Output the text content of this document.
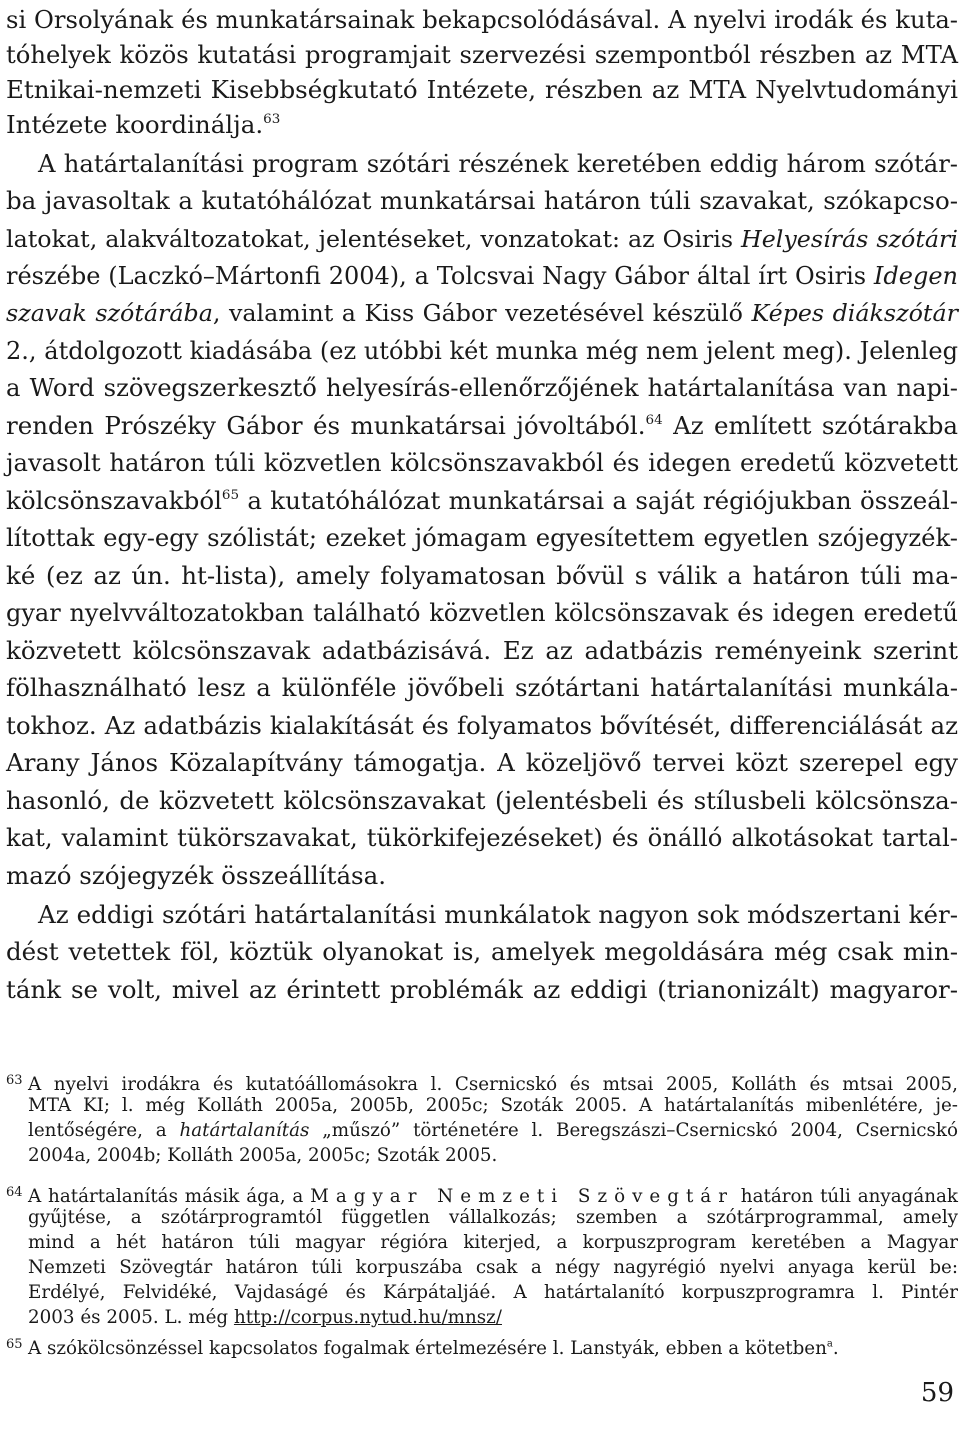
si Orsolyának és munkatársainak bekapcsolódásával. A nyelvi irodák és kuta-
tóhelyek közös kutatási programjait szervezési szempontból részben az MTA
Etnikai-nemzeti Kisebbségkutató Intézete, részben az MTA Nyelvtudományi
Intézete koordinálja.$^{63}$
A határtalanítási program szótári részének keretében eddig három szótár-
ba javasoltak a kutatóhálózat munkatársai határon túli szavakat, szókapcso-
latokat, alakváltozatokat, jelentéseket, vonzatokat: az Osiris Helyesírás szótári
részébe (Laczkó–Mártonfi 2004), a Tolcsvai Nagy Gábor által írt Osiris Idegen
szavak szótárába, valamint a Kiss Gábor vezetésével készülő Képes diákszótár
2., átdolgozott kiadásába (ez utóbbi két munka még nem jelent meg). Jelenleg
a Word szövegszerkesztő helyesírás-ellenőrzőjének határtalanítása van napi-
renden Prószéky Gábor és munkatársai jóvoltából.$^{64}$ Az említett szótárakba
javasolt határon túli közvetlen kölcsönszavakból és idegen eredetű közvetett
kölcsönszavakból$^{65}$ a kutatóhálózat munkatársai a saját régiójukban összeál-
lítottak egy-egy szólistát; ezeket jómagam egyesítettem egyetlen szójegyzék-
ké (ez az ún. ht-lista), amely folyamatosan bővül s válik a határon túli ma-
gyar nyelvváltozatokban található közvetlen kölcsönszavak és idegen eredetű
közvetett kölcsönszavak adatbázisává. Ez az adatbázis reményeink szerint
fölhasználható lesz a különféle jövőbeli szótártani határtalanítási munkála-
tokhoz. Az adatbázis kialakítását és folyamatos bővítését, differenciálását az
Arany János Közalapítvány támogatja. A közeljövő tervei közt szerepel egy
hasonló, de közvetett kölcsönszavakat (jelentésbeli és stílusbeli kölcsönsza-
kat, valamint tükörszavakat, tükörkifejezéseket) és önálló alkotásokat tartal-
mazó szójegyzék összeállítása.
Az eddigi szótári határtalanítási munkálatok nagyon sok módszertani kér-
dést vetettek föl, köztük olyanokat is, amelyek megoldására még csak min-
tánk se volt, mivel az érintett problémák az eddigi (trianonizált) magyaror-
63 A nyelvi irodákra és kutatóállomásokra l. Csernicskó és mtsai 2005, Kolláth és mtsai 2005,
MTA KI; l. még Kolláth 2005a, 2005b, 2005c; Szoták 2005. A határtalanítás mibenlétére, je-
lentőségére, a határtalanítás „műszó” történetére l. Beregszászi–Csernicskó 2004, Csernicskó
2004a, 2004b; Kolláth 2005a, 2005c; Szoták 2005.
64 A határtalanítás másik ága, a Magyar Nemzeti Szövegtár határon túli anyagának
gyűjtése, a szótárprogramtól független vállalkozás; szemben a szótárprogrammal, amely
mind a hét határon túli magyar régióra kiterjed, a korpuszprogram keretében a Magyar
Nemzeti Szövegtár határon túli korpuszába csak a négy nagyrégió nyelvi anyaga kerül be:
Erdélyé, Felvidéké, Vajdaságé és Kárpátaljáé. A határtalanító korpuszprogramra l. Pintér
2003 és 2005. L. még http://corpus.nytud.hu/mnsz/
65 A szókölcsönzéssel kapcsolatos fogalmak értelmezésére l. Lanstyák, ebben a kötetben$^a$.
59
